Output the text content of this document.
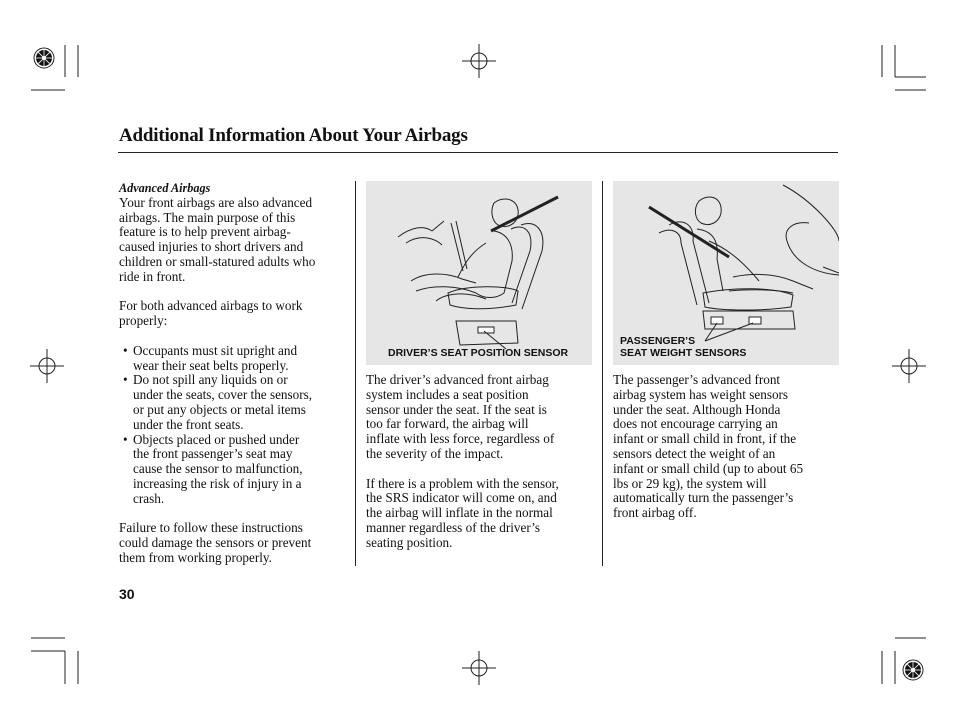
Additional Information About Your Airbags

Advanced Airbags

Your front airbags are also advanced
airbags. The main purpose of this
feature is to help prevent airbag-
caused injuries to short drivers and
children or small-statured adults who
ride in front.
For both advanced airbags to work
properly:
• Occupants must sit upright and
wear their seat belts properly.
• Do not spill any liquids on or
under the seats, cover the sensors,
or put any objects or metal items
under the front seats.
• Objects placed or pushed under
the front passenger’s seat may
cause the sensor to malfunction,
increasing the risk of injury in a
crash.
Failure to follow these instructions
could damage the sensors or prevent
them from working properly.
DRIVER’S SEAT POSITION SENSOR
The driver’s advanced front airbag
system includes a seat position
sensor under the seat. If the seat is
too far forward, the airbag will
inflate with less force, regardless of
the severity of the impact.
If there is a problem with the sensor,
the SRS indicator will come on, and
the airbag will inflate in the normal
manner regardless of the driver’s
seating position.
PASSENGER’S
SEAT WEIGHT SENSORS
The passenger’s advanced front
airbag system has weight sensors
under the seat. Although Honda
does not encourage carrying an
infant or small child in front, if the
sensors detect the weight of an
infant or small child (up to about 65
lbs or 29 kg), the system will
automatically turn the passenger’s
front airbag off.
30
